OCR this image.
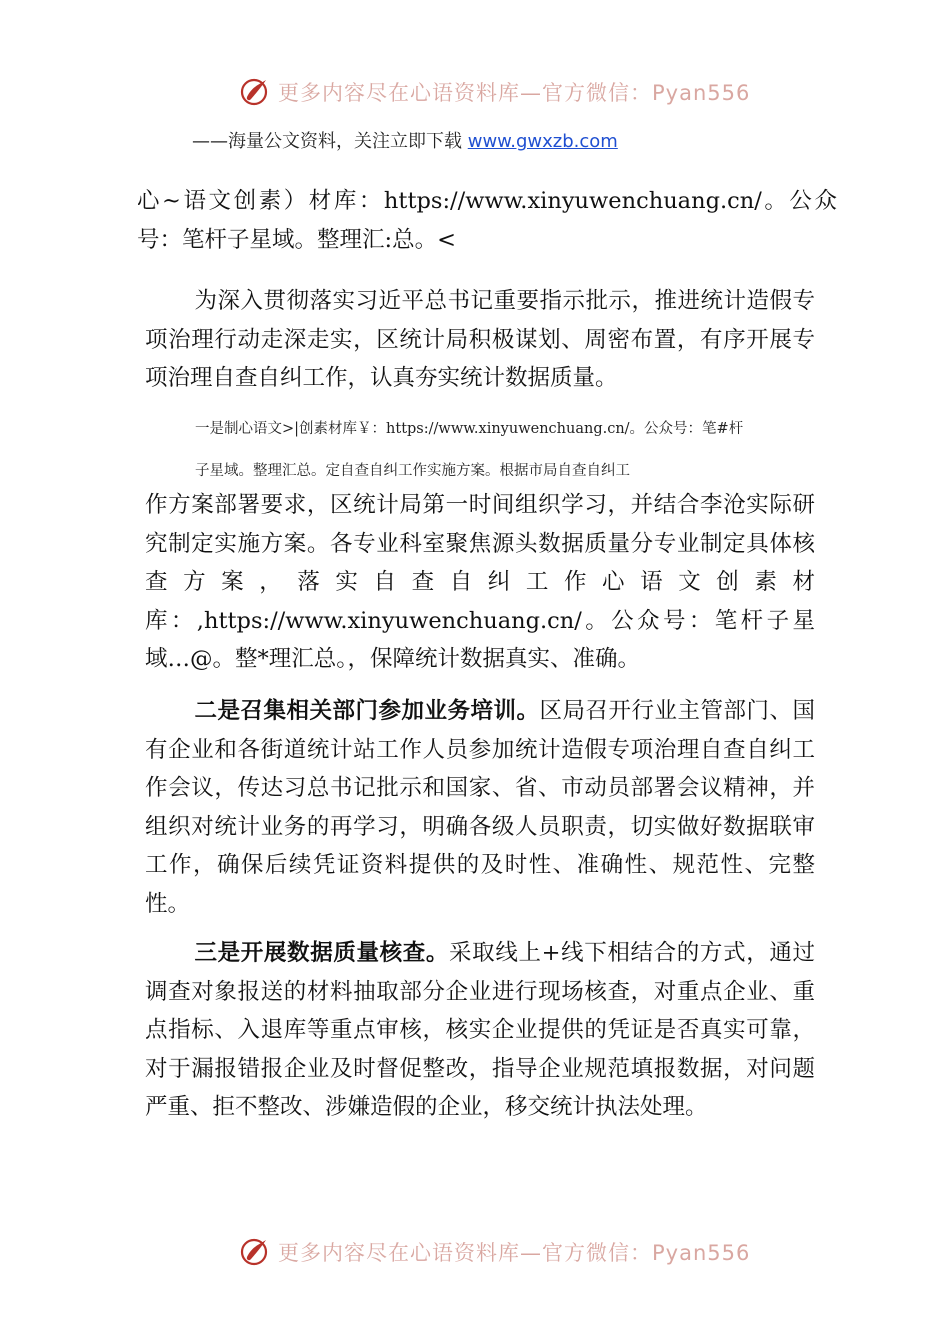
更多内容尽在心语资料库—官方微信：Pyan556
——海量公文资料，关注立即下载 www.gwxzb.com
心~语文创素）材库：https://www.xinyuwenchuang.cn/。公众号：笔杆子星域。整理汇:总。<
为深入贯彻落实习近平总书记重要指示批示，推进统计造假专项治理行动走深走实，区统计局积极谋划、周密布置，有序开展专项治理自查自纠工作，认真夯实统计数据质量。
一是制心语文>|创素材库￥：https://www.xinyuwenchuang.cn/。公众号：笔#杆
子星域。整理汇总。定自查自纠工作实施方案。根据市局自查自纠工
作方案部署要求，区统计局第一时间组织学习，并结合李沧实际研究制定实施方案。各专业科室聚焦源头数据质量分专业制定具体核查方案，落实自查自纠工作心语文创素材库：,https://www.xinyuwenchuang.cn/。公众号：笔杆子星域…@。整*理汇总。，保障统计数据真实、准确。
二是召集相关部门参加业务培训。区局召开行业主管部门、国有企业和各街道统计站工作人员参加统计造假专项治理自查自纠工作会议，传达习总书记批示和国家、省、市动员部署会议精神，并组织对统计业务的再学习，明确各级人员职责，切实做好数据联审工作，确保后续凭证资料提供的及时性、准确性、规范性、完整性。
三是开展数据质量核查。采取线上+线下相结合的方式，通过调查对象报送的材料抽取部分企业进行现场核查，对重点企业、重点指标、入退库等重点审核，核实企业提供的凭证是否真实可靠，对于漏报错报企业及时督促整改，指导企业规范填报数据，对问题严重、拒不整改、涉嫌造假的企业，移交统计执法处理。
更多内容尽在心语资料库—官方微信：Pyan556
